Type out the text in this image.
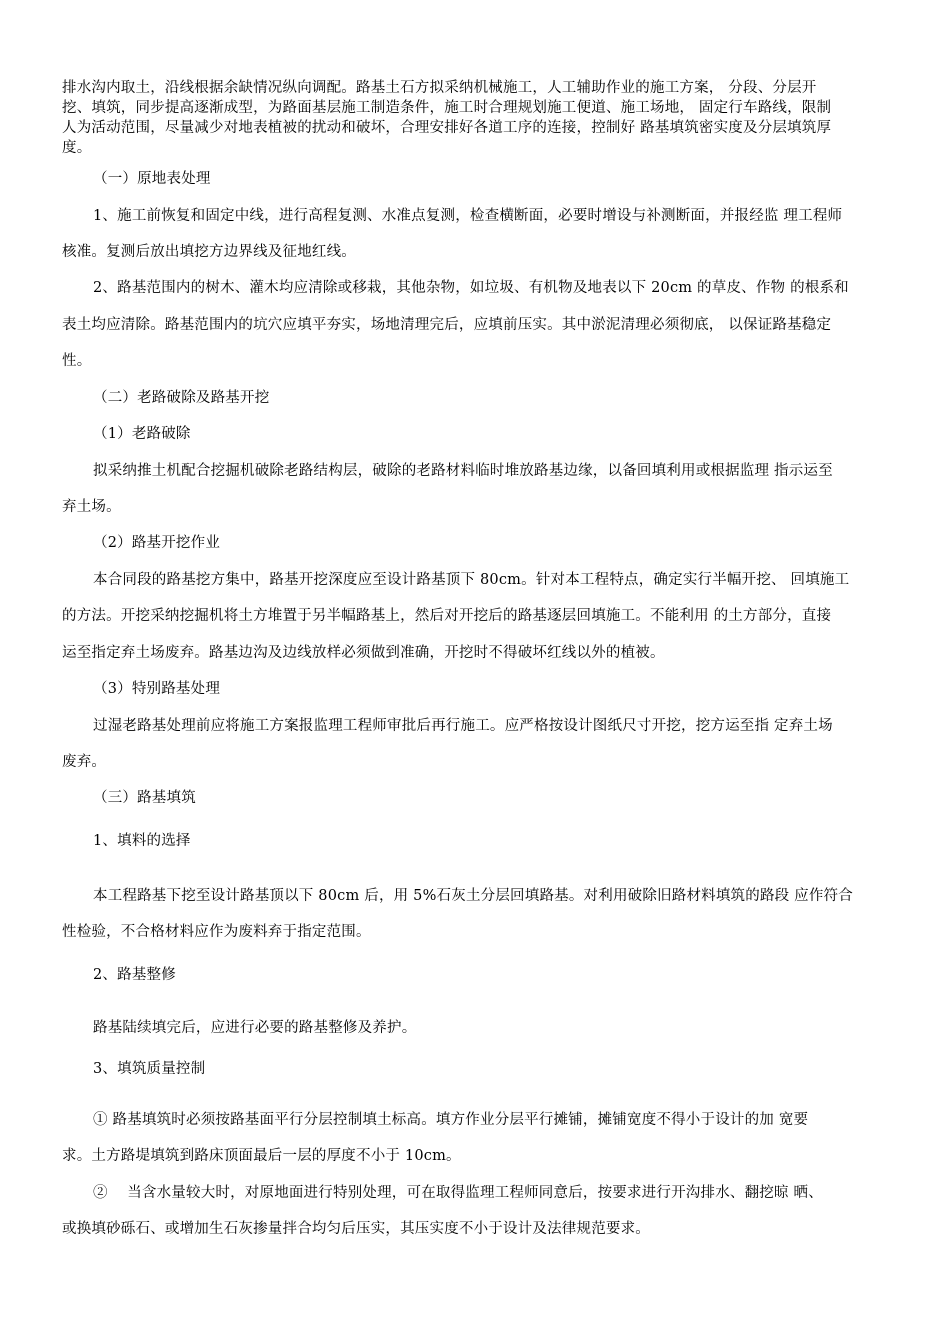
排水沟内取土，沿线根据余缺情况纵向调配。路基土石方拟采纳机械施工，人工辅助作业的施工方案， 分段、分层开
挖、填筑，同步提高逐渐成型，为路面基层施工制造条件，施工时合理规划施工便道、施工场地， 固定行车路线，限制
人为活动范围，尽量减少对地表植被的扰动和破坏，合理安排好各道工序的连接，控制好 路基填筑密实度及分层填筑厚
度。
（一）原地表处理
1、施工前恢复和固定中线，进行高程复测、水准点复测，检查横断面，必要时增设与补测断面，并报经监 理工程师
核准。复测后放出填挖方边界线及征地红线。
2、路基范围内的树木、灌木均应清除或移栽，其他杂物，如垃圾、有机物及地表以下 20cm 的草皮、作物 的根系和
表土均应清除。路基范围内的坑穴应填平夯实，场地清理完后，应填前压实。其中淤泥清理必须彻底， 以保证路基稳定
性。
（二）老路破除及路基开挖
（1）老路破除
拟采纳推土机配合挖掘机破除老路结构层，破除的老路材料临时堆放路基边缘，以备回填利用或根据监理 指示运至
弃土场。
（2）路基开挖作业
本合同段的路基挖方集中，路基开挖深度应至设计路基顶下 80cm。针对本工程特点，确定实行半幅开挖、 回填施工
的方法。开挖采纳挖掘机将土方堆置于另半幅路基上，然后对开挖后的路基逐层回填施工。不能利用 的土方部分，直接
运至指定弃土场废弃。路基边沟及边线放样必须做到准确，开挖时不得破坏红线以外的植被。
（3）特别路基处理
过湿老路基处理前应将施工方案报监理工程师审批后再行施工。应严格按设计图纸尺寸开挖，挖方运至指 定弃土场
废弃。
（三）路基填筑
1、填料的选择
本工程路基下挖至设计路基顶以下 80cm 后，用 5%石灰土分层回填路基。对利用破除旧路材料填筑的路段 应作符合
性检验，不合格材料应作为废料弃于指定范围。
2、路基整修
路基陆续填完后，应进行必要的路基整修及养护。
3、填筑质量控制
① 路基填筑时必须按路基面平行分层控制填土标高。填方作业分层平行摊铺，摊铺宽度不得小于设计的加 宽要
求。土方路堤填筑到路床顶面最后一层的厚度不小于 10cm。
②　 当含水量较大时，对原地面进行特别处理，可在取得监理工程师同意后，按要求进行开沟排水、翻挖晾 晒、
或换填砂砾石、或增加生石灰掺量拌合均匀后压实，其压实度不小于设计及法律规范要求。
